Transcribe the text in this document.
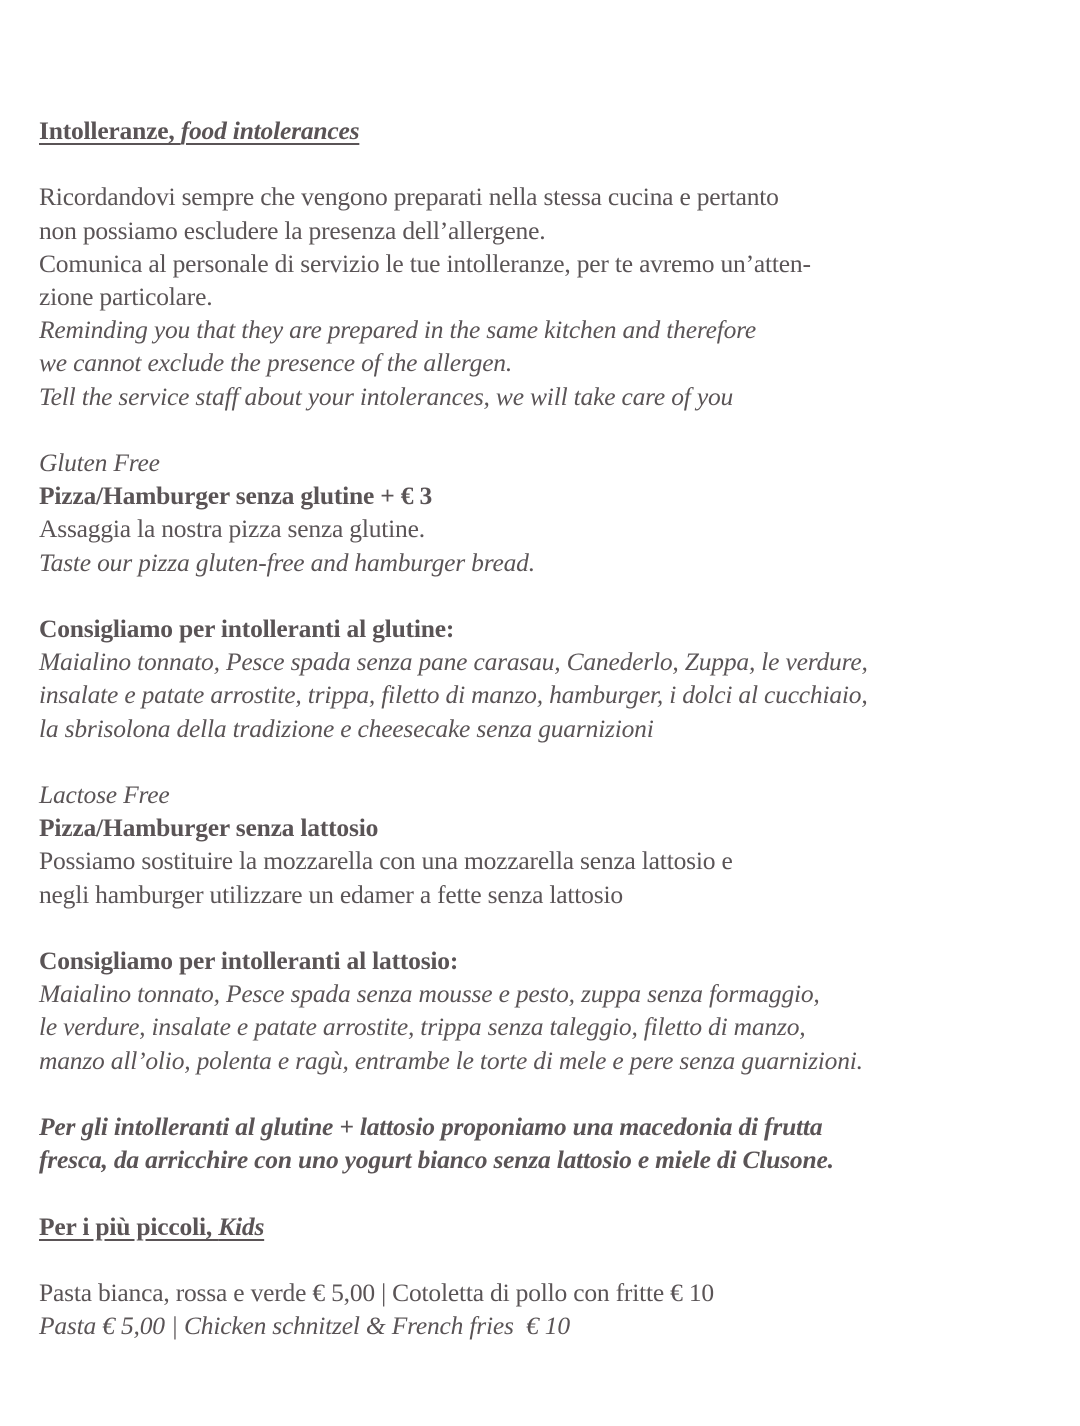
Intolleranze, food intolerances
Ricordandovi sempre che vengono preparati nella stessa cucina e pertanto
non possiamo escludere la presenza dell’allergene.
Comunica al personale di servizio le tue intolleranze, per te avremo un’atten-
zione particolare.
Reminding you that they are prepared in the same kitchen and therefore
we cannot exclude the presence of the allergen.
Tell the service staff about your intolerances, we will take care of you
Gluten Free
Pizza/Hamburger senza glutine + € 3
Assaggia la nostra pizza senza glutine.
Taste our pizza gluten-free and hamburger bread.
Consigliamo per intolleranti al glutine:
Maialino tonnato, Pesce spada senza pane carasau, Canederlo, Zuppa, le verdure,
insalate e patate arrostite, trippa, filetto di manzo, hamburger, i dolci al cucchiaio,
la sbrisolona della tradizione e cheesecake senza guarnizioni
Lactose Free
Pizza/Hamburger senza lattosio
Possiamo sostituire la mozzarella con una mozzarella senza lattosio e
negli hamburger utilizzare un edamer a fette senza lattosio
Consigliamo per intolleranti al lattosio:
Maialino tonnato, Pesce spada senza mousse e pesto, zuppa senza formaggio,
le verdure, insalate e patate arrostite, trippa senza taleggio, filetto di manzo,
manzo all’olio, polenta e ragù, entrambe le torte di mele e pere senza guarnizioni.
Per gli intolleranti al glutine + lattosio proponiamo una macedonia di frutta
fresca, da arricchire con uno yogurt bianco senza lattosio e miele di Clusone.
Per i più piccoli, Kids
Pasta bianca, rossa e verde € 5,00 | Cotoletta di pollo con fritte € 10
Pasta € 5,00 | Chicken schnitzel & French fries  € 10
